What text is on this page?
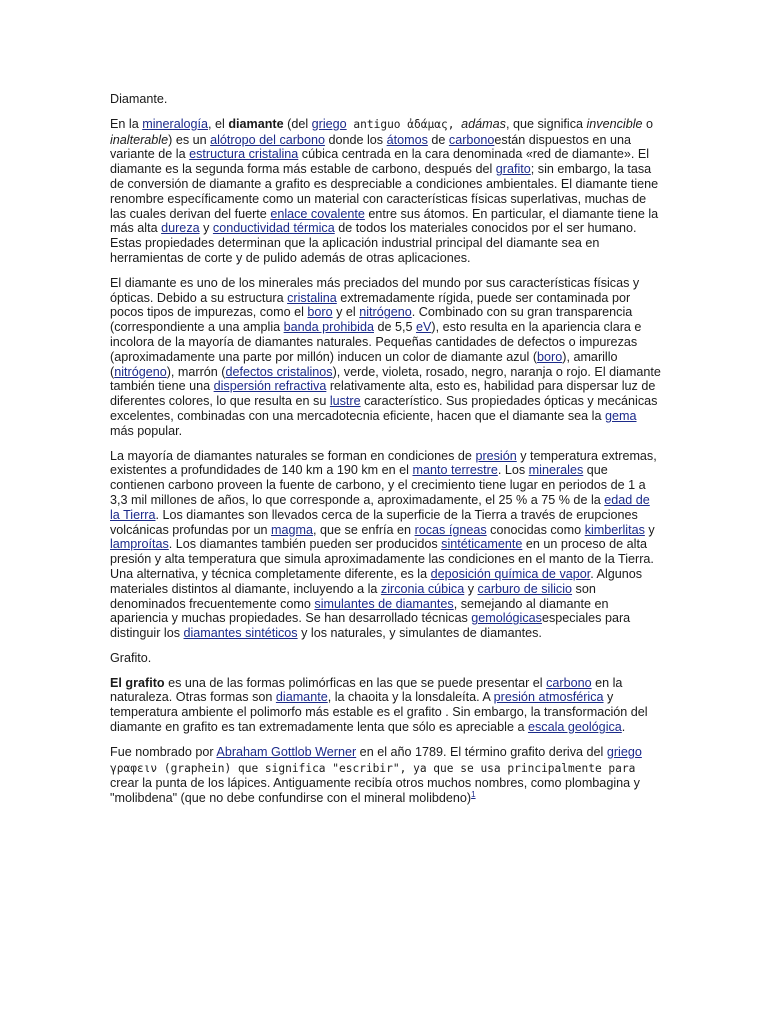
Diamante.

En la mineralogía, el diamante (del griego antiguo ἀδάμας, adámas, que significa invencible o inalterable) es un alótropo del carbono donde los átomos de carbonoestán dispuestos en una variante de la estructura cristalina cúbica centrada en la cara denominada «red de diamante». El diamante es la segunda forma más estable de carbono, después del grafito; sin embargo, la tasa de conversión de diamante a grafito es despreciable a condiciones ambientales. El diamante tiene renombre específicamente como un material con características físicas superlativas, muchas de las cuales derivan del fuerte enlace covalente entre sus átomos. En particular, el diamante tiene la más alta dureza y conductividad térmica de todos los materiales conocidos por el ser humano. Estas propiedades determinan que la aplicación industrial principal del diamante sea en herramientas de corte y de pulido además de otras aplicaciones.

El diamante es uno de los minerales más preciados del mundo por sus características físicas y ópticas. Debido a su estructura cristalina extremadamente rígida, puede ser contaminada por pocos tipos de impurezas, como el boro y el nitrógeno. Combinado con su gran transparencia (correspondiente a una amplia banda prohibida de 5,5 eV), esto resulta en la apariencia clara e incolora de la mayoría de diamantes naturales. Pequeñas cantidades de defectos o impurezas (aproximadamente una parte por millón) inducen un color de diamante azul (boro), amarillo (nitrógeno), marrón (defectos cristalinos), verde, violeta, rosado, negro, naranja o rojo. El diamante también tiene una dispersión refractiva relativamente alta, esto es, habilidad para dispersar luz de diferentes colores, lo que resulta en su lustre característico. Sus propiedades ópticas y mecánicas excelentes, combinadas con una mercadotecnia eficiente, hacen que el diamante sea la gema más popular.

La mayoría de diamantes naturales se forman en condiciones de presión y temperatura extremas, existentes a profundidades de 140 km a 190 km en el manto terrestre. Los minerales que contienen carbono proveen la fuente de carbono, y el crecimiento tiene lugar en periodos de 1 a 3,3 mil millones de años, lo que corresponde a, aproximadamente, el 25 % a 75 % de la edad de la Tierra. Los diamantes son llevados cerca de la superficie de la Tierra a través de erupciones volcánicas profundas por un magma, que se enfría en rocas ígneas conocidas como kimberlitas y lamproítas. Los diamantes también pueden ser producidos sintéticamente en un proceso de alta presión y alta temperatura que simula aproximadamente las condiciones en el manto de la Tierra. Una alternativa, y técnica completamente diferente, es la deposición química de vapor. Algunos materiales distintos al diamante, incluyendo a la zirconia cúbica y carburo de silicio son denominados frecuentemente como simulantes de diamantes, semejando al diamante en apariencia y muchas propiedades. Se han desarrollado técnicas gemológicasespeciales para distinguir los diamantes sintéticos y los naturales, y simulantes de diamantes.

Grafito.

El grafito es una de las formas polimórficas en las que se puede presentar el carbono en la naturaleza. Otras formas son diamante, la chaoita y la lonsdaleíta. A presión atmosférica y temperatura ambiente el polimorfo más estable es el grafito . Sin embargo, la transformación del diamante en grafito es tan extremadamente lenta que sólo es apreciable a escala geológica.

Fue nombrado por Abraham Gottlob Werner en el año 1789. El término grafito deriva del griego γραφειν (graphein) que significa "escribir", ya que se usa principalmente para crear la punta de los lápices. Antiguamente recibía otros muchos nombres, como plombagina y "molibdena" (que no debe confundirse con el mineral molibdeno)$^1$
